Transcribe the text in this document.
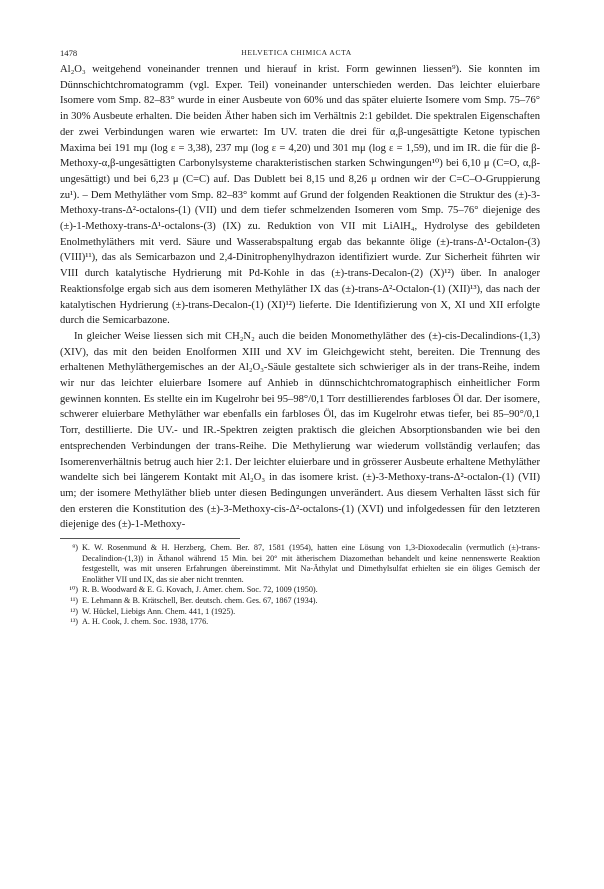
1478	HELVETICA CHIMICA ACTA

Al₂O₃ weitgehend voneinander trennen und hierauf in krist. Form gewinnen liessen⁹). Sie konnten im Dünnschichtchromatogramm (vgl. Exper. Teil) voneinander unterschieden werden. Das leichter eluierbare Isomere vom Smp. 82–83° wurde in einer Ausbeute von 60% und das später eluierte Isomere vom Smp. 75–76° in 30% Ausbeute erhalten. Die beiden Äther haben sich im Verhältnis 2:1 gebildet. Die spektralen Eigenschaften der zwei Verbindungen waren wie erwartet: Im UV. traten die drei für α,β-ungesättigte Ketone typischen Maxima bei 191 mμ (log ε = 3,38), 237 mμ (log ε = 4,20) und 301 mμ (log ε = 1,59), und im IR. die für die β-Methoxy-α,β-ungesättigten Carbonylsysteme charakteristischen starken Schwingungen¹⁰) bei 6,10 μ (C=O, α,β-ungesättigt) und bei 6,23 μ (C=C) auf. Das Dublett bei 8,15 und 8,26 μ ordnen wir der C=C–O-Gruppierung zu¹). – Dem Methyläther vom Smp. 82–83° kommt auf Grund der folgenden Reaktionen die Struktur des (±)-3-Methoxy-trans-Δ²-octalons-(1) (VII) und dem tiefer schmelzenden Isomeren vom Smp. 75–76° diejenige des (±)-1-Methoxy-trans-Δ¹-octalons-(3) (IX) zu. Reduktion von VII mit LiAlH₄, Hydrolyse des gebildeten Enolmethyläthers mit verd. Säure und Wasserabspaltung ergab das bekannte ölige (±)-trans-Δ¹-Octalon-(3) (VIII)¹¹), das als Semicarbazon und 2,4-Dinitrophenylhydrazon identifiziert wurde. Zur Sicherheit führten wir VIII durch katalytische Hydrierung mit Pd-Kohle in das (±)-trans-Decalon-(2) (X)¹²) über. In analoger Reaktionsfolge ergab sich aus dem isomeren Methyläther IX das (±)-trans-Δ²-Octalon-(1) (XII)¹³), das nach der katalytischen Hydrierung (±)-trans-Decalon-(1) (XI)¹²) lieferte. Die Identifizierung von X, XI und XII erfolgte durch die Semicarbazone.

In gleicher Weise liessen sich mit CH₂N₂ auch die beiden Monomethyläther des (±)-cis-Decalindions-(1,3) (XIV), das mit den beiden Enolformen XIII und XV im Gleichgewicht steht, bereiten. Die Trennung des erhaltenen Methyläthergemisches an der Al₂O₃-Säule gestaltete sich schwieriger als in der trans-Reihe, indem wir nur das leichter eluierbare Isomere auf Anhieb in dünnschichtchromatographisch einheitlicher Form gewinnen konnten. Es stellte ein im Kugelrohr bei 95–98°/0,1 Torr destillierendes farbloses Öl dar. Der isomere, schwerer eluierbare Methyläther war ebenfalls ein farbloses Öl, das im Kugelrohr etwas tiefer, bei 85–90°/0,1 Torr, destillierte. Die UV.- und IR.-Spektren zeigten praktisch die gleichen Absorptionsbanden wie bei den entsprechenden Verbindungen der trans-Reihe. Die Methylierung war wiederum vollständig verlaufen; das Isomerenverhältnis betrug auch hier 2:1. Der leichter eluierbare und in grösserer Ausbeute erhaltene Methyläther wandelte sich bei längerem Kontakt mit Al₂O₃ in das isomere krist. (±)-3-Methoxy-trans-Δ²-octalon-(1) (VII) um; der isomere Methyläther blieb unter diesen Bedingungen unverändert. Aus diesem Verhalten lässt sich für den ersteren die Konstitution des (±)-3-Methoxy-cis-Δ²-octalons-(1) (XVI) und infolgedessen für den letzteren diejenige des (±)-1-Methoxy-

⁹) K. W. Rosenmund & H. Herzberg, Chem. Ber. 87, 1581 (1954), hatten eine Lösung von 1,3-Dioxodecalin (vermutlich (±)-trans-Decalindion-(1,3)) in Äthanol während 15 Min. bei 20° mit ätherischem Diazomethan behandelt und keine nennenswerte Reaktion festgestellt, was mit unseren Erfahrungen übereinstimmt. Mit Na-Äthylat und Dimethylsulfat erhielten sie ein öliges Gemisch der Enoläther VII und IX, das sie aber nicht trennten.
¹⁰) R. B. Woodward & E. G. Kovach, J. Amer. chem. Soc. 72, 1009 (1950).
¹¹) E. Lehmann & B. Krätschell, Ber. deutsch. chem. Ges. 67, 1867 (1934).
¹²) W. Hückel, Liebigs Ann. Chem. 441, 1 (1925).
¹³) A. H. Cook, J. chem. Soc. 1938, 1776.
